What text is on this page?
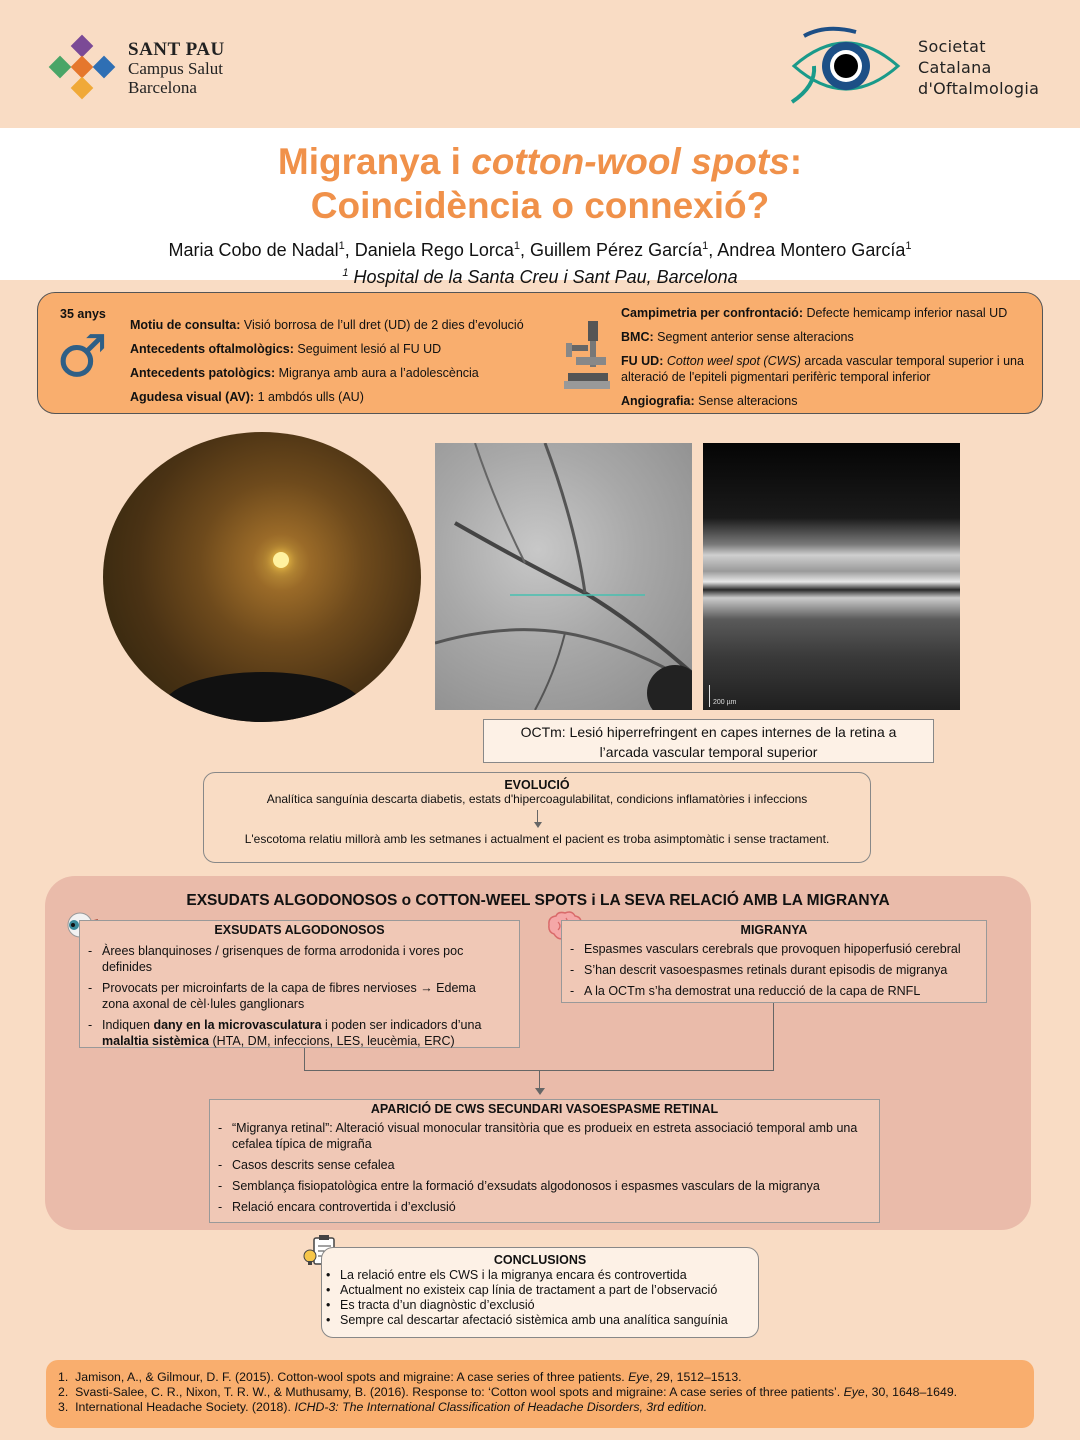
SANT PAU
Campus Salut
Barcelona
Societat
Catalana
d'Oftalmologia
Migranya i cotton-wool spots:
Coincidència o connexió?
Maria Cobo de Nadal$^1$, Daniela Rego Lorca$^1$, Guillem Pérez García$^1$, Andrea Montero García$^1$
$^1$ Hospital de la Santa Creu i Sant Pau, Barcelona
35 anys
♂ Motiu de consulta: Visió borrosa de l’ull dret (UD) de 2 dies d’evolució
Antecedents oftalmològics: Seguiment lesió al FU UD
Antecedents patològics: Migranya amb aura a l’adolescència
Agudesa visual (AV): 1 ambdós ulls (AU)
Campimetria per confrontació: Defecte hemicamp inferior nasal UD
BMC: Segment anterior sense alteracions
FU UD: Cotton weel spot (CWS) arcada vascular temporal superior i una alteració de l'epiteli pigmentari perifèric temporal inferior
Angiografia: Sense alteracions
200 µm
OCTm: Lesió hiperrefringent en capes internes de la retina a
l’arcada vascular temporal superior
EVOLUCIÓ
Analítica sanguínia descarta diabetis, estats d'hipercoagulabilitat, condicions inflamatòries i infeccions
L'escotoma relatiu millorà amb les setmanes i actualment el pacient es troba asimptomàtic i sense tractament.
EXSUDATS ALGODONOSOS o COTTON-WEEL SPOTS i LA SEVA RELACIÓ AMB LA MIGRANYA
EXSUDATS ALGODONOSOS
- Àrees blanquinoses / grisenques de forma arrodonida i vores poc definides
- Provocats per microinfarts de la capa de fibres nervioses → Edema zona axonal de cèl·lules ganglionars
- Indiquen dany en la microvasculatura i poden ser indicadors d’una malaltia sistèmica (HTA, DM, infeccions, LES, leucèmia, ERC)
MIGRANYA
- Espasmes vasculars cerebrals que provoquen hipoperfusió cerebral
- S’han descrit vasoespasmes retinals durant episodis de migranya
- A la OCTm s’ha demostrat una reducció de la capa de RNFL
APARICIÓ DE CWS SECUNDARI VASOESPASME RETINAL
- “Migranya retinal”: Alteració visual monocular transitòria que es produeix en estreta associació temporal amb una cefalea típica de migraña
- Casos descrits sense cefalea
- Semblança fisiopatològica entre la formació d’exsudats algodonosos i espasmes vasculars de la migranya
- Relació encara controvertida i d’exclusió
CONCLUSIONS
• La relació entre els CWS i la migranya encara és controvertida
• Actualment no existeix cap línia de tractament a part de l’observació
• Es tracta d’un diagnòstic d’exclusió
• Sempre cal descartar afectació sistèmica amb una analítica sanguínia
1. Jamison, A., & Gilmour, D. F. (2015). Cotton-wool spots and migraine: A case series of three patients. Eye, 29, 1512–1513.
2. Svasti-Salee, C. R., Nixon, T. R. W., & Muthusamy, B. (2016). Response to: ‘Cotton wool spots and migraine: A case series of three patients’. Eye, 30, 1648–1649.
3. International Headache Society. (2018). ICHD-3: The International Classification of Headache Disorders, 3rd edition.
